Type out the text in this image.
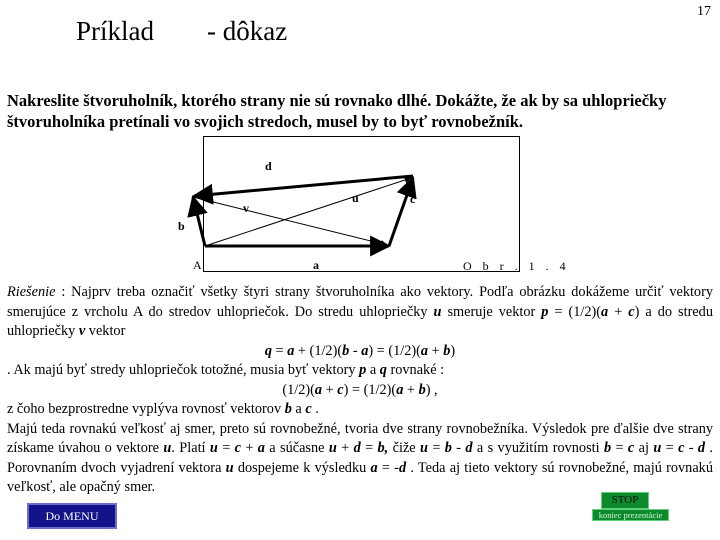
Príklad - dôkaz
17
Nakreslite štvoruholník, ktorého strany nie sú rovnako dlhé. Dokážte, že ak by sa uhlopriečky štvoruholníka pretínali vo svojich stredoch, musel by to byť rovnobežník.
d
u	c
v
b
A	a	O b r . 1 . 4

Riešenie : Najprv treba označiť všetky štyri strany štvoruholníka ako vektory. Podľa obrázku dokážeme určiť vektory smerujúce z vrcholu A do stredov uhlopriečok. Do stredu uhlopriečky u smeruje vektor p = (1/2)(a + c) a do stredu uhlopriečky v vektor

q = a + (1/2)(b - a) = (1/2)(a + b)

. Ak majú byť stredy uhlopriečok totožné, musia byť vektory p a q rovnaké :

(1/2)(a + c) = (1/2)(a + b) ,

z čoho bezprostredne vyplýva rovnosť vektorov b a c .

Majú teda rovnakú veľkosť aj smer, preto sú rovnobežné, tvoria dve strany rovnobežníka. Výsledok pre ďalšie dve strany získame úvahou o vektore u. Platí u = c + a a súčasne u + d = b, čiže u = b - d a s využitím rovnosti b = c aj u = c - d . Porovnaním dvoch vyjadrení vektora u dospejeme k výsledku a = -d . Teda aj tieto vektory sú rovnobežné, majú rovnakú veľkosť, ale opačný smer.

Do MENU
STOP
koniec prezentácie
